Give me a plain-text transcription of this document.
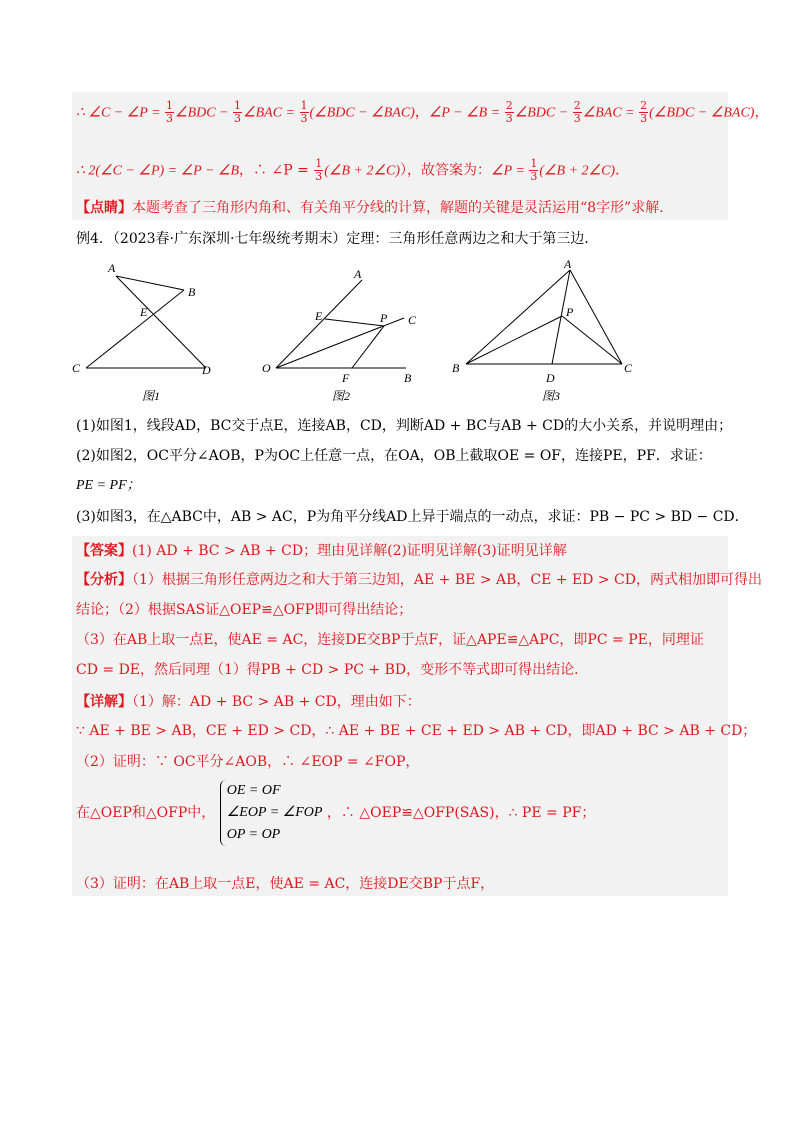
∴ ∠C − ∠P = $\frac{1}{3}$ ∠BDC − $\frac{1}{3}$ ∠BAC = $\frac{1}{3}$ (∠BDC − ∠BAC)，∠P − ∠B = $\frac{2}{3}$ ∠BDC − $\frac{2}{3}$ ∠BAC = $\frac{2}{3}$ (∠BDC − ∠BAC)，
∴ 2(∠C − ∠P) = ∠P − ∠B，∴ ∠P = $\frac{1}{3}$ (∠B + 2∠C)），故答案为：∠P = $\frac{1}{3}$ (∠B + 2∠C)．
【点睛】本题考查了三角形内角和、有关角平分线的计算，解题的关键是灵活运用“8字形”求解．
例4．（2023春·广东深圳·七年级统考期末）定理：三角形任意两边之和大于第三边．
A
B
E
C	D
图1
A
E	P C
O
F	B
图2
A
P
B
D
C
图3
(1)如图1，线段AD，BC交于点E，连接AB，CD，判断AD + BC与AB + CD的大小关系，并说明理由；
(2)如图2，OC平分∠AOB，P为OC上任意一点，在OA，OB上截取OE = OF，连接PE，PF．求证：
PE = PF；
(3)如图3，在△ABC中，AB > AC，P为角平分线AD上异于端点的一动点，求证：PB − PC > BD − CD．
【答案】(1) AD + BC > AB + CD；理由见详解(2)证明见详解(3)证明见详解
【分析】（1）根据三角形任意两边之和大于第三边知，AE + BE > AB，CE + ED > CD，两式相加即可得出
结论；（2）根据SAS证△OEP≌△OFP即可得出结论；
（3）在AB上取一点E，使AE = AC，连接DE交BP于点F，证△APE≌△APC，即PC = PE，同理证
CD = DE，然后同理（1）得PB + CD > PC + BD，变形不等式即可得出结论．
【详解】（1）解：AD + BC > AB + CD，理由如下：
∵ AE + BE > AB，CE + ED > CD，∴ AE + BE + CE + ED > AB + CD，即AD + BC > AB + CD；
（2）证明：∵ OC平分∠AOB，∴ ∠EOP = ∠FOP，
在△OEP和△OFP中，
OE = OF
∠EOP = ∠FOP
OP = OP
，∴ △OEP≌△OFP(SAS)，∴ PE = PF；
（3）证明：在AB上取一点E，使AE = AC，连接DE交BP于点F，
